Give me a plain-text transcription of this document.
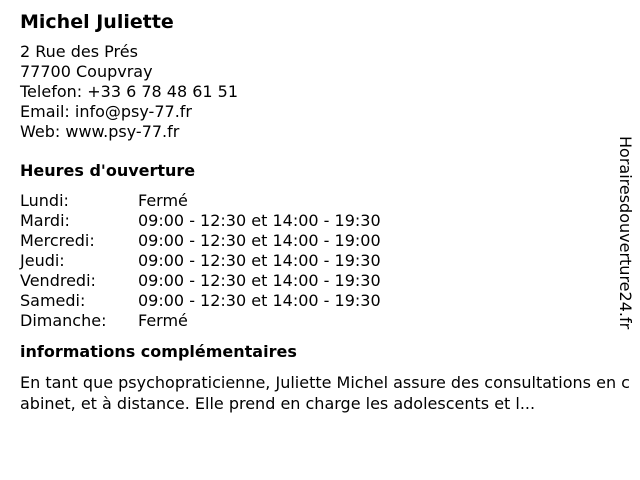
Michel Juliette
2 Rue des Prés
77700 Coupvray
Telefon: +33 6 78 48 61 51
Email: info@psy-77.fr
Web: www.psy-77.fr
Heures d'ouverture
Lundi:	Fermé
Mardi:	09:00 - 12:30 et 14:00 - 19:30
Mercredi:	09:00 - 12:30 et 14:00 - 19:00
Jeudi:	09:00 - 12:30 et 14:00 - 19:30
Vendredi:	09:00 - 12:30 et 14:00 - 19:30
Samedi:	09:00 - 12:30 et 14:00 - 19:30
Dimanche:	Fermé
informations complémentaires
En tant que psychopraticienne, Juliette Michel assure des consultations en cabinet, et à distance. Elle prend en charge les adolescents et l...
Horairesdouverture24.fr
